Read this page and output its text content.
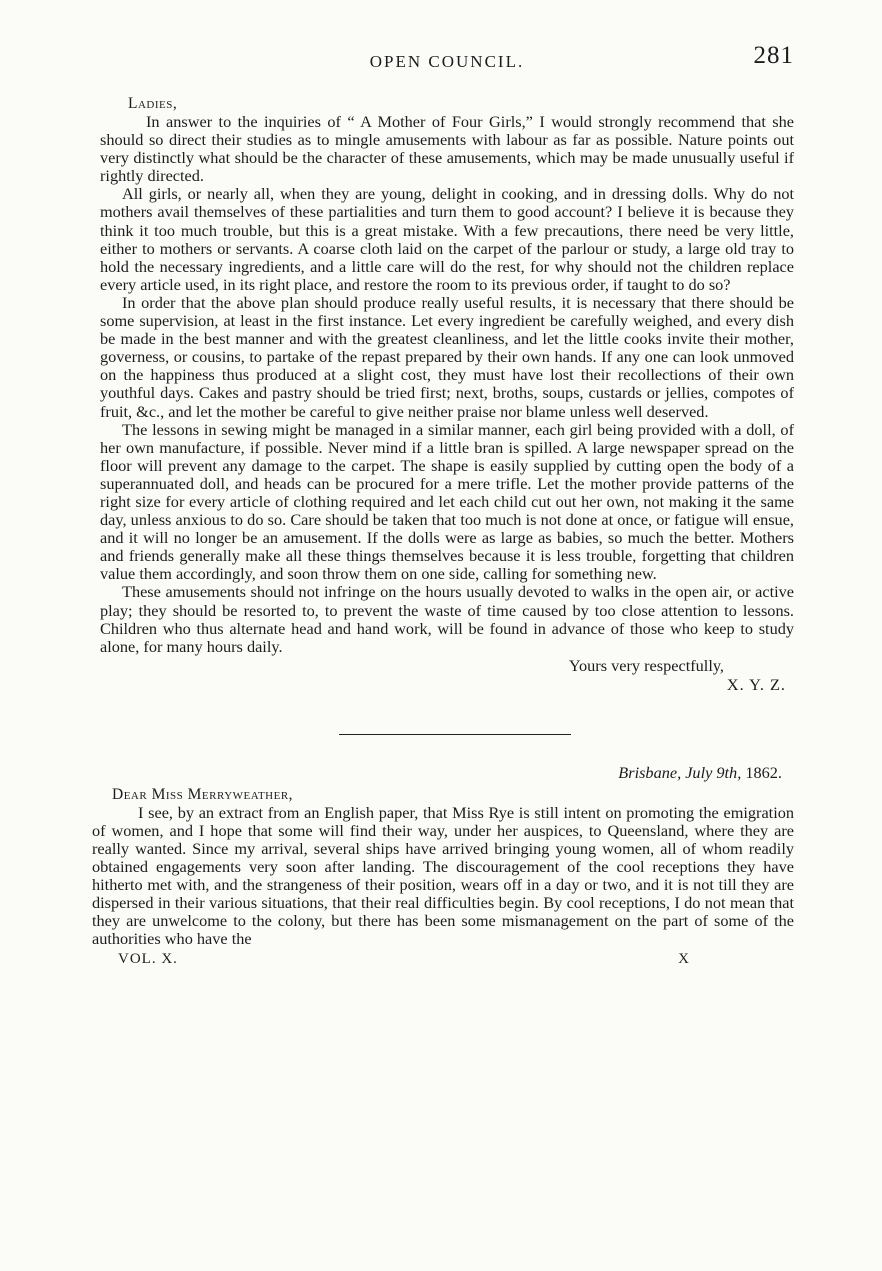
OPEN COUNCIL.	281
Ladies,

In answer to the inquiries of “ A Mother of Four Girls,” I would strongly recommend that she should so direct their studies as to mingle amusements with labour as far as possible. Nature points out very distinctly what should be the character of these amusements, which may be made unusually useful if rightly directed.

All girls, or nearly all, when they are young, delight in cooking, and in dressing dolls. Why do not mothers avail themselves of these partialities and turn them to good account? I believe it is because they think it too much trouble, but this is a great mistake. With a few precautions, there need be very little, either to mothers or servants. A coarse cloth laid on the carpet of the parlour or study, a large old tray to hold the necessary ingredients, and a little care will do the rest, for why should not the children replace every article used, in its right place, and restore the room to its previous order, if taught to do so?

In order that the above plan should produce really useful results, it is necessary that there should be some supervision, at least in the first instance. Let every ingredient be carefully weighed, and every dish be made in the best manner and with the greatest cleanliness, and let the little cooks invite their mother, governess, or cousins, to partake of the repast prepared by their own hands. If any one can look unmoved on the happiness thus produced at a slight cost, they must have lost their recollections of their own youthful days. Cakes and pastry should be tried first; next, broths, soups, custards or jellies, compotes of fruit, &c., and let the mother be careful to give neither praise nor blame unless well deserved.

The lessons in sewing might be managed in a similar manner, each girl being provided with a doll, of her own manufacture, if possible. Never mind if a little bran is spilled. A large newspaper spread on the floor will prevent any damage to the carpet. The shape is easily supplied by cutting open the body of a superannuated doll, and heads can be procured for a mere trifle. Let the mother provide patterns of the right size for every article of clothing required and let each child cut out her own, not making it the same day, unless anxious to do so. Care should be taken that too much is not done at once, or fatigue will ensue, and it will no longer be an amusement. If the dolls were as large as babies, so much the better. Mothers and friends generally make all these things themselves because it is less trouble, forgetting that children value them accordingly, and soon throw them on one side, calling for something new.

These amusements should not infringe on the hours usually devoted to walks in the open air, or active play; they should be resorted to, to prevent the waste of time caused by too close attention to lessons. Children who thus alternate head and hand work, will be found in advance of those who keep to study alone, for many hours daily.

Yours very respectfully,
X. Y. Z.
Brisbane, July 9th, 1862.
Dear Miss Merryweather,

I see, by an extract from an English paper, that Miss Rye is still intent on promoting the emigration of women, and I hope that some will find their way, under her auspices, to Queensland, where they are really wanted. Since my arrival, several ships have arrived bringing young women, all of whom readily obtained engagements very soon after landing. The discouragement of the cool receptions they have hitherto met with, and the strangeness of their position, wears off in a day or two, and it is not till they are dispersed in their various situations, that their real difficulties begin. By cool receptions, I do not mean that they are unwelcome to the colony, but there has been some mismanagement on the part of some of the authorities who have the

VOL. X.	X
